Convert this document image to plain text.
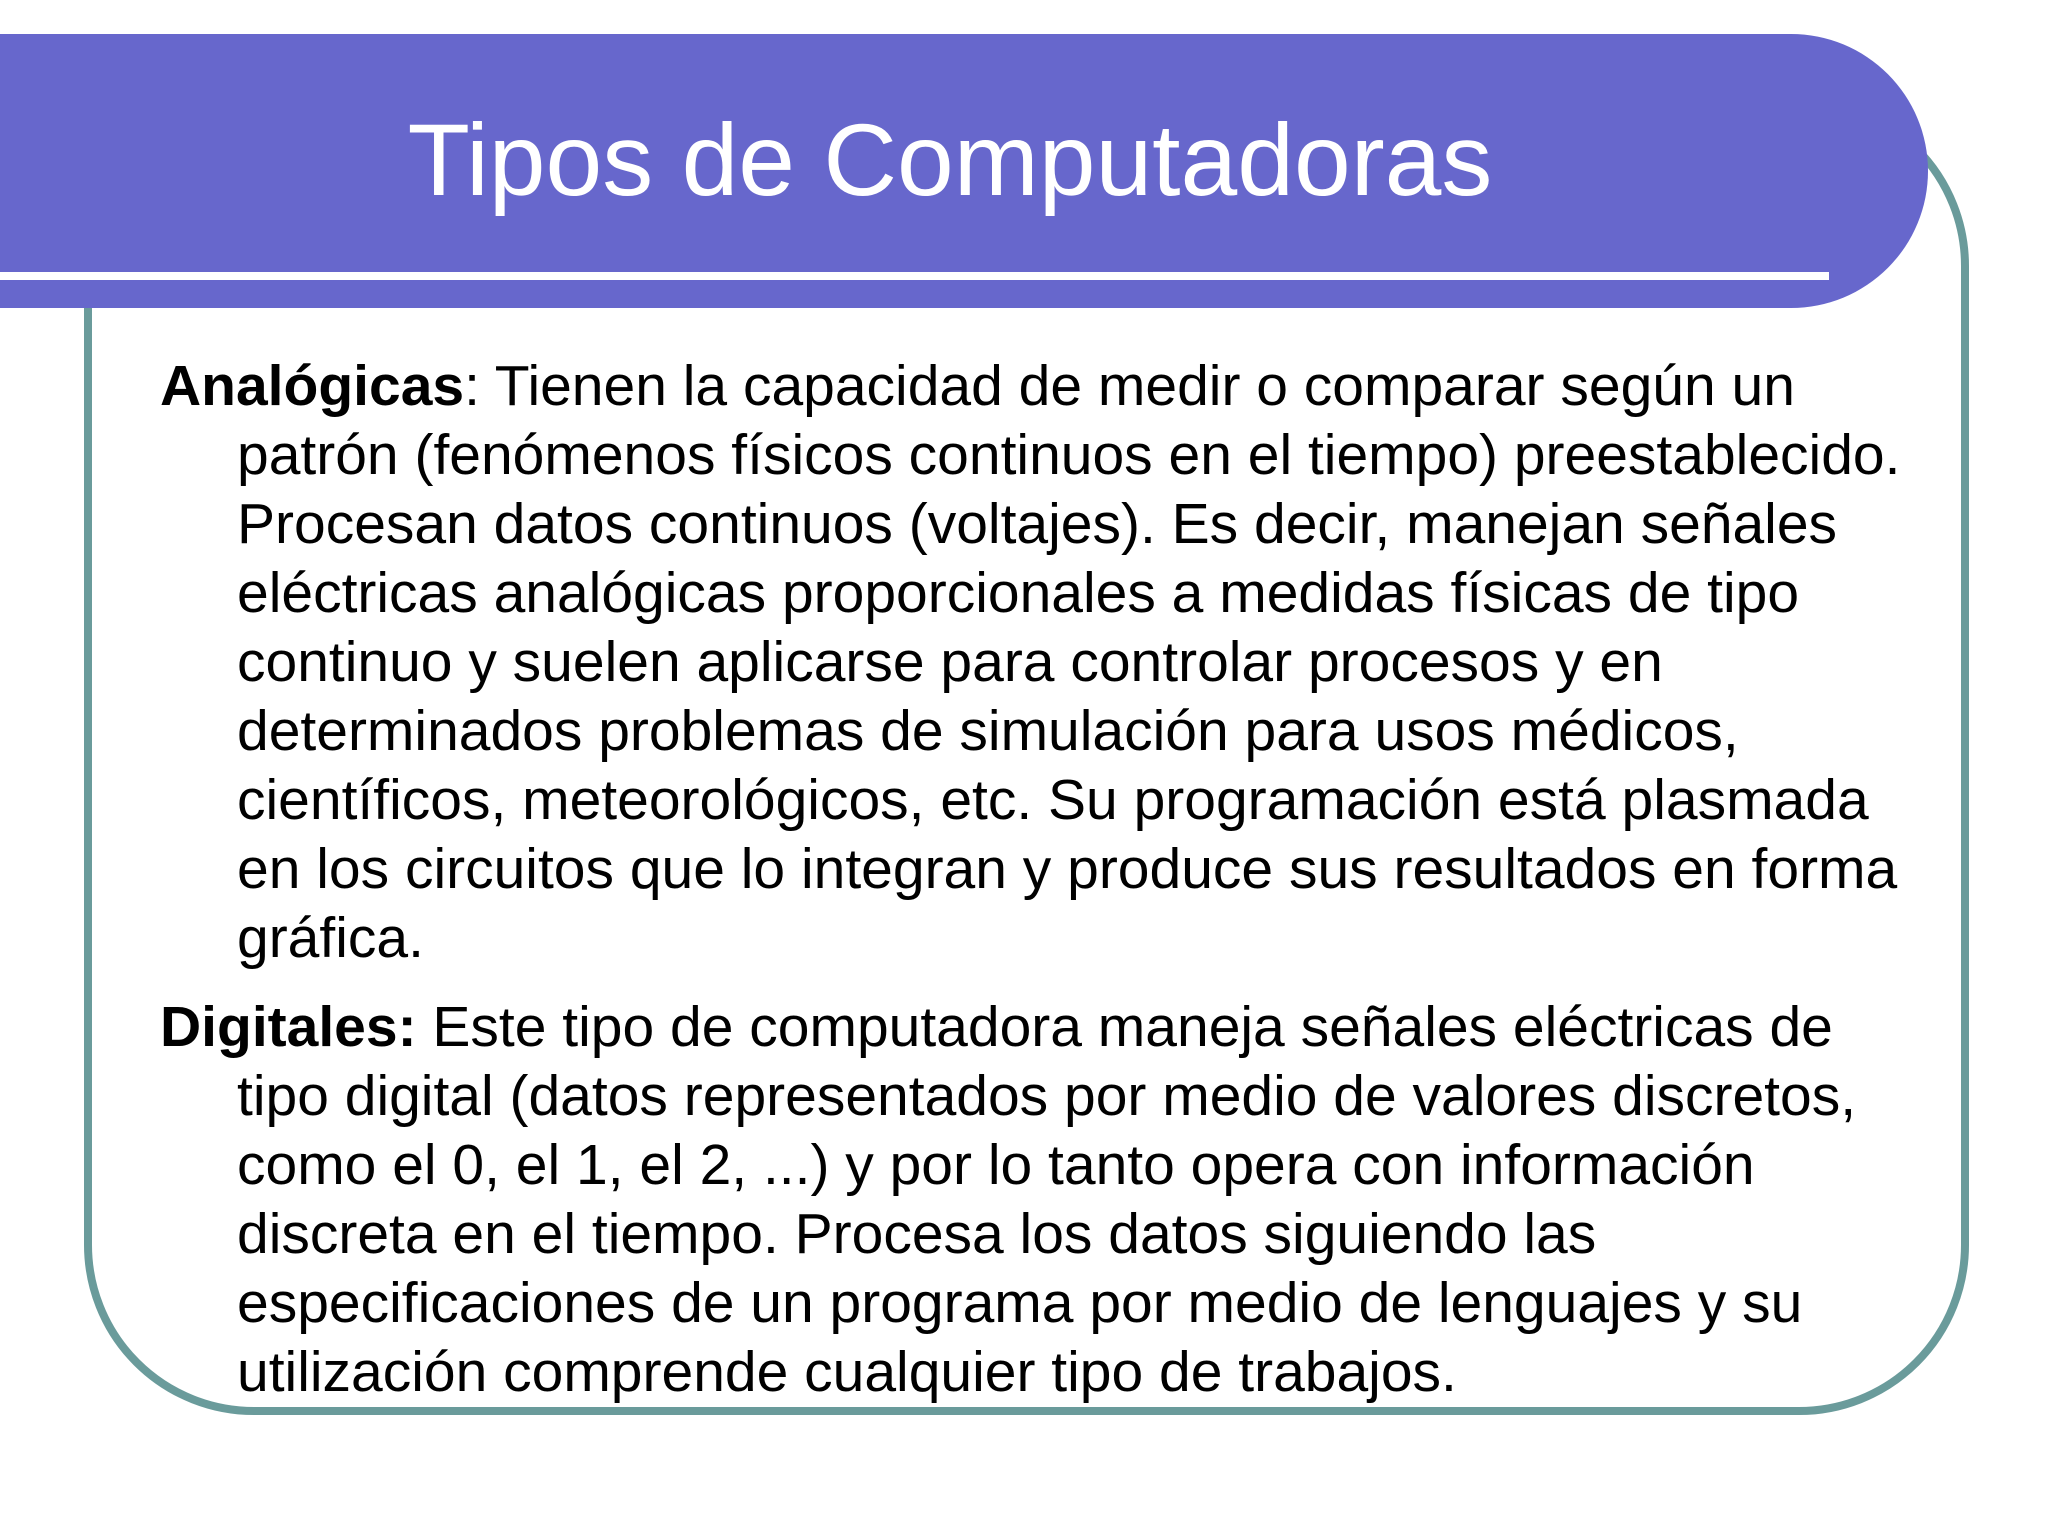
Tipos de Computadoras

Analógicas: Tienen la capacidad de medir o comparar según un patrón (fenómenos físicos continuos en el tiempo) preestablecido. Procesan datos continuos (voltajes). Es decir, manejan señales eléctricas analógicas proporcionales a medidas físicas de tipo continuo y suelen aplicarse para controlar procesos y en determinados problemas de simulación para usos médicos, científicos, meteorológicos, etc. Su programación está plasmada en los circuitos que lo integran y produce sus resultados en forma gráfica.

Digitales: Este tipo de computadora maneja señales eléctricas de tipo digital (datos representados por medio de valores discretos, como el 0, el 1, el 2, ...) y por lo tanto opera con información discreta en el tiempo. Procesa los datos siguiendo las especificaciones de un programa por medio de lenguajes y su utilización comprende cualquier tipo de trabajos.
